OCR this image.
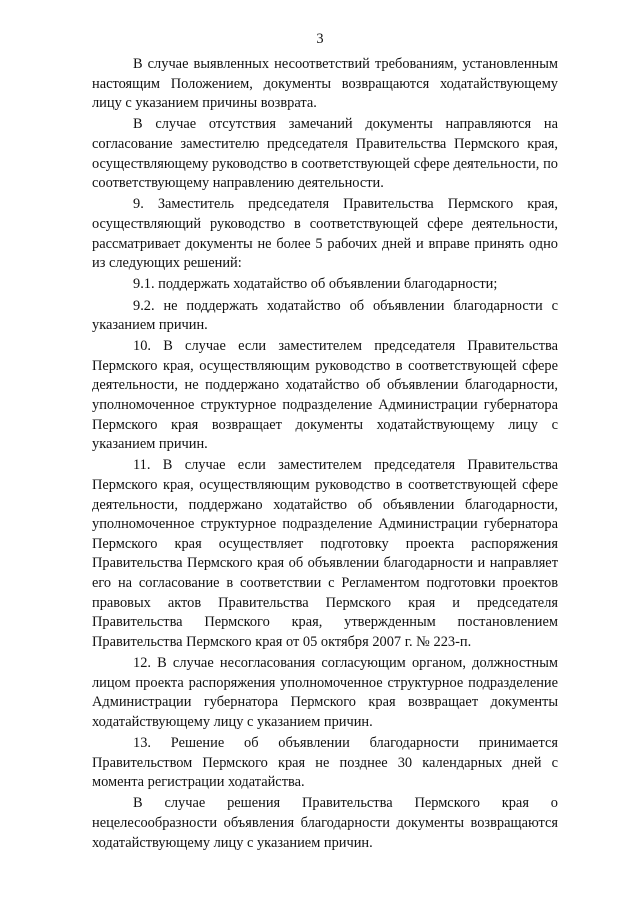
3

В случае выявленных несоответствий требованиям, установленным настоящим Положением, документы возвращаются ходатайствующему лицу с указанием причины возврата.

В случае отсутствия замечаний документы направляются на согласование заместителю председателя Правительства Пермского края, осуществляющему руководство в соответствующей сфере деятельности, по соответствующему направлению деятельности.

9. Заместитель председателя Правительства Пермского края, осуществляющий руководство в соответствующей сфере деятельности, рассматривает документы не более 5 рабочих дней и вправе принять одно из следующих решений:

9.1. поддержать ходатайство об объявлении благодарности;

9.2. не поддержать ходатайство об объявлении благодарности с указанием причин.

10. В случае если заместителем председателя Правительства Пермского края, осуществляющим руководство в соответствующей сфере деятельности, не поддержано ходатайство об объявлении благодарности, уполномоченное структурное подразделение Администрации губернатора Пермского края возвращает документы ходатайствующему лицу с указанием причин.

11. В случае если заместителем председателя Правительства Пермского края, осуществляющим руководство в соответствующей сфере деятельности, поддержано ходатайство об объявлении благодарности, уполномоченное структурное подразделение Администрации губернатора Пермского края осуществляет подготовку проекта распоряжения Правительства Пермского края об объявлении благодарности и направляет его на согласование в соответствии с Регламентом подготовки проектов правовых актов Правительства Пермского края и председателя Правительства Пермского края, утвержденным постановлением Правительства Пермского края от 05 октября 2007 г. № 223-п.

12. В случае несогласования согласующим органом, должностным лицом проекта распоряжения уполномоченное структурное подразделение Администрации губернатора Пермского края возвращает документы ходатайствующему лицу с указанием причин.

13. Решение об объявлении благодарности принимается Правительством Пермского края не позднее 30 календарных дней с момента регистрации ходатайства.

В случае решения Правительства Пермского края о нецелесообразности объявления благодарности документы возвращаются ходатайствующему лицу с указанием причин.
